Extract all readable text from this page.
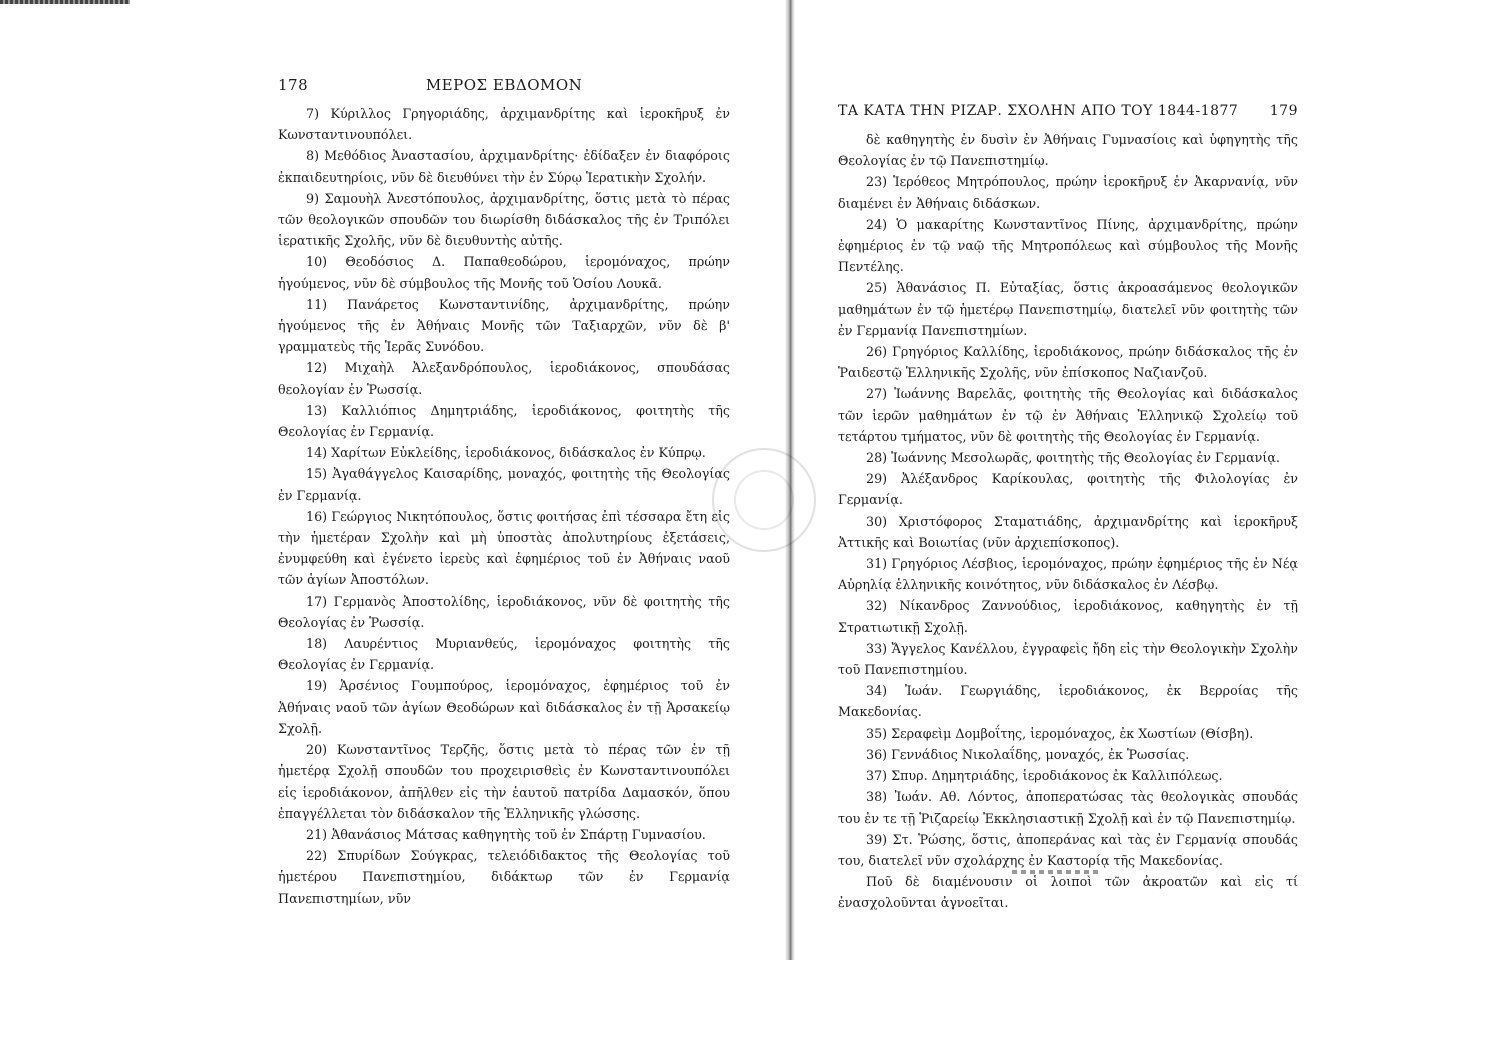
178	ΜΕΡΟΣ ΕΒΔΟΜΟΝ

7) Κύριλλος Γρηγοριάδης, ἀρχιμανδρίτης καὶ ἱεροκῆρυξ ἐν Κωνσταντινουπόλει.

8) Μεθόδιος Ἀναστασίου, ἀρχιμανδρίτης· ἐδίδαξεν ἐν διαφόροις ἐκπαιδευτηρίοις, νῦν δὲ διευθύνει τὴν ἐν Σύρῳ Ἱερατικὴν Σχολήν.

9) Σαμουὴλ Ἀνεστόπουλος, ἀρχιμανδρίτης, ὅστις μετὰ τὸ πέρας τῶν θεολογικῶν σπουδῶν του διωρίσθη διδάσκαλος τῆς ἐν Τριπόλει ἱερατικῆς Σχολῆς, νῦν δὲ διευθυντὴς αὐτῆς.

10) Θεοδόσιος Δ. Παπαθεοδώρου, ἱερομόναχος, πρώην ἡγούμενος, νῦν δὲ σύμβουλος τῆς Μονῆς τοῦ Ὁσίου Λουκᾶ.

11) Πανάρετος Κωνσταντινίδης, ἀρχιμανδρίτης, πρώην ἡγούμενος τῆς ἐν Ἀθήναις Μονῆς τῶν Ταξιαρχῶν, νῦν δὲ β' γραμματεὺς τῆς Ἱερᾶς Συνόδου.

12) Μιχαὴλ Ἀλεξανδρόπουλος, ἱεροδιάκονος, σπουδάσας θεολογίαν ἐν Ῥωσσίᾳ.

13) Καλλιόπιος Δημητριάδης, ἱεροδιάκονος, φοιτητὴς τῆς Θεολογίας ἐν Γερμανίᾳ.

14) Χαρίτων Εὐκλείδης, ἱεροδιάκονος, διδάσκαλος ἐν Κύπρῳ.

15) Ἀγαθάγγελος Καισαρίδης, μοναχός, φοιτητὴς τῆς Θεολογίας ἐν Γερμανίᾳ.

16) Γεώργιος Νικητόπουλος, ὅστις φοιτήσας ἐπὶ τέσσαρα ἔτη εἰς τὴν ἡμετέραν Σχολὴν καὶ μὴ ὑποστὰς ἀπολυτηρίους ἐξετάσεις, ἐνυμφεύθη καὶ ἐγένετο ἱερεὺς καὶ ἐφημέριος τοῦ ἐν Ἀθήναις ναοῦ τῶν ἁγίων Ἀποστόλων.

17) Γερμανὸς Ἀποστολίδης, ἱεροδιάκονος, νῦν δὲ φοιτητὴς τῆς Θεολογίας ἐν Ῥωσσίᾳ.

18) Λαυρέντιος Μυριανθεύς, ἱερομόναχος φοιτητὴς τῆς Θεολογίας ἐν Γερμανίᾳ.

19) Ἀρσένιος Γουμπούρος, ἱερομόναχος, ἐφημέριος τοῦ ἐν Ἀθήναις ναοῦ τῶν ἁγίων Θεοδώρων καὶ διδάσκαλος ἐν τῇ Ἀρσακείῳ Σχολῇ.

20) Κωνσταντῖνος Τερζῆς, ὅστις μετὰ τὸ πέρας τῶν ἐν τῇ ἡμετέρᾳ Σχολῇ σπουδῶν του προχειρισθεὶς ἐν Κωνσταντινουπόλει εἰς ἱεροδιάκονον, ἀπῆλθεν εἰς τὴν ἑαυτοῦ πατρίδα Δαμασκόν, ὅπου ἐπαγγέλλεται τὸν διδάσκαλον τῆς Ἑλληνικῆς γλώσσης.

21) Ἀθανάσιος Μάτσας καθηγητὴς τοῦ ἐν Σπάρτῃ Γυμνασίου.

22) Σπυρίδων Σούγκρας, τελειόδιδακτος τῆς Θεολογίας τοῦ ἡμετέρου Πανεπιστημίου, διδάκτωρ τῶν ἐν Γερμανίᾳ Πανεπιστημίων, νῦν

ΤΑ ΚΑΤΑ ΤΗΝ ΡΙΖΑΡ. ΣΧΟΛΗΝ ΑΠΟ ΤΟΥ 1844-1877 179

δὲ καθηγητὴς ἐν δυσὶν ἐν Ἀθήναις Γυμνασίοις καὶ ὑφηγητὴς τῆς Θεολογίας ἐν τῷ Πανεπιστημίῳ.

23) Ἱερόθεος Μητρόπουλος, πρώην ἱεροκῆρυξ ἐν Ἀκαρνανίᾳ, νῦν διαμένει ἐν Ἀθήναις διδάσκων.

24) Ὁ μακαρίτης Κωνσταντῖνος Πίνης, ἀρχιμανδρίτης, πρώην ἐφημέριος ἐν τῷ ναῷ τῆς Μητροπόλεως καὶ σύμβουλος τῆς Μονῆς Πεντέλης.

25) Ἀθανάσιος Π. Εὐταξίας, ὅστις ἀκροασάμενος θεολογικῶν μαθημάτων ἐν τῷ ἡμετέρῳ Πανεπιστημίῳ, διατελεῖ νῦν φοιτητὴς τῶν ἐν Γερμανίᾳ Πανεπιστημίων.

26) Γρηγόριος Καλλίδης, ἱεροδιάκονος, πρώην διδάσκαλος τῆς ἐν Ῥαιδεστῷ Ἑλληνικῆς Σχολῆς, νῦν ἐπίσκοπος Ναζιανζοῦ.

27) Ἰωάννης Βαρελᾶς, φοιτητὴς τῆς Θεολογίας καὶ διδάσκαλος τῶν ἱερῶν μαθημάτων ἐν τῷ ἐν Ἀθήναις Ἑλληνικῷ Σχολείῳ τοῦ τετάρτου τμήματος, νῦν δὲ φοιτητὴς τῆς Θεολογίας ἐν Γερμανίᾳ.

28) Ἰωάννης Μεσολωρᾶς, φοιτητὴς τῆς Θεολογίας ἐν Γερμανίᾳ.

29) Ἀλέξανδρος Καρίκουλας, φοιτητὴς τῆς Φιλολογίας ἐν Γερμανίᾳ.

30) Χριστόφορος Σταματιάδης, ἀρχιμανδρίτης καὶ ἱεροκῆρυξ Ἀττικῆς καὶ Βοιωτίας (νῦν ἀρχιεπίσκοπος).

31) Γρηγόριος Λέσβιος, ἱερομόναχος, πρώην ἐφημέριος τῆς ἐν Νέᾳ Αὐρηλίᾳ ἑλληνικῆς κοινότητος, νῦν διδάσκαλος ἐν Λέσβῳ.

32) Νίκανδρος Ζαννούδιος, ἱεροδιάκονος, καθηγητὴς ἐν τῇ Στρατιωτικῇ Σχολῇ.

33) Ἄγγελος Κανέλλου, ἐγγραφεὶς ἤδη εἰς τὴν Θεολογικὴν Σχολὴν τοῦ Πανεπιστημίου.

34) Ἰωάν. Γεωργιάδης, ἱεροδιάκονος, ἐκ Βερροίας τῆς Μακεδονίας.

35) Σεραφεὶμ Δομβοΐτης, ἱερομόναχος, ἐκ Χωστίων (Θίσβη).

36) Γεννάδιος Νικολαΐδης, μοναχός, ἐκ Ῥωσσίας.

37) Σπυρ. Δημητριάδης, ἱεροδιάκονος ἐκ Καλλιπόλεως.

38) Ἰωάν. Αθ. Λόντος, ἀποπερατώσας τὰς θεολογικὰς σπουδάς του ἐν τε τῇ Ῥιζαρείῳ Ἐκκλησιαστικῇ Σχολῇ καὶ ἐν τῷ Πανεπιστημίῳ.

39) Στ. Ῥώσης, ὅστις, ἀποπεράνας καὶ τὰς ἐν Γερμανίᾳ σπουδάς του, διατελεῖ νῦν σχολάρχης ἐν Καστορίᾳ τῆς Μακεδονίας.

Ποῦ δὲ διαμένουσιν οἱ λοιποὶ τῶν ἀκροατῶν καὶ εἰς τί ἐνασχολοῦνται ἀγνοεῖται.
